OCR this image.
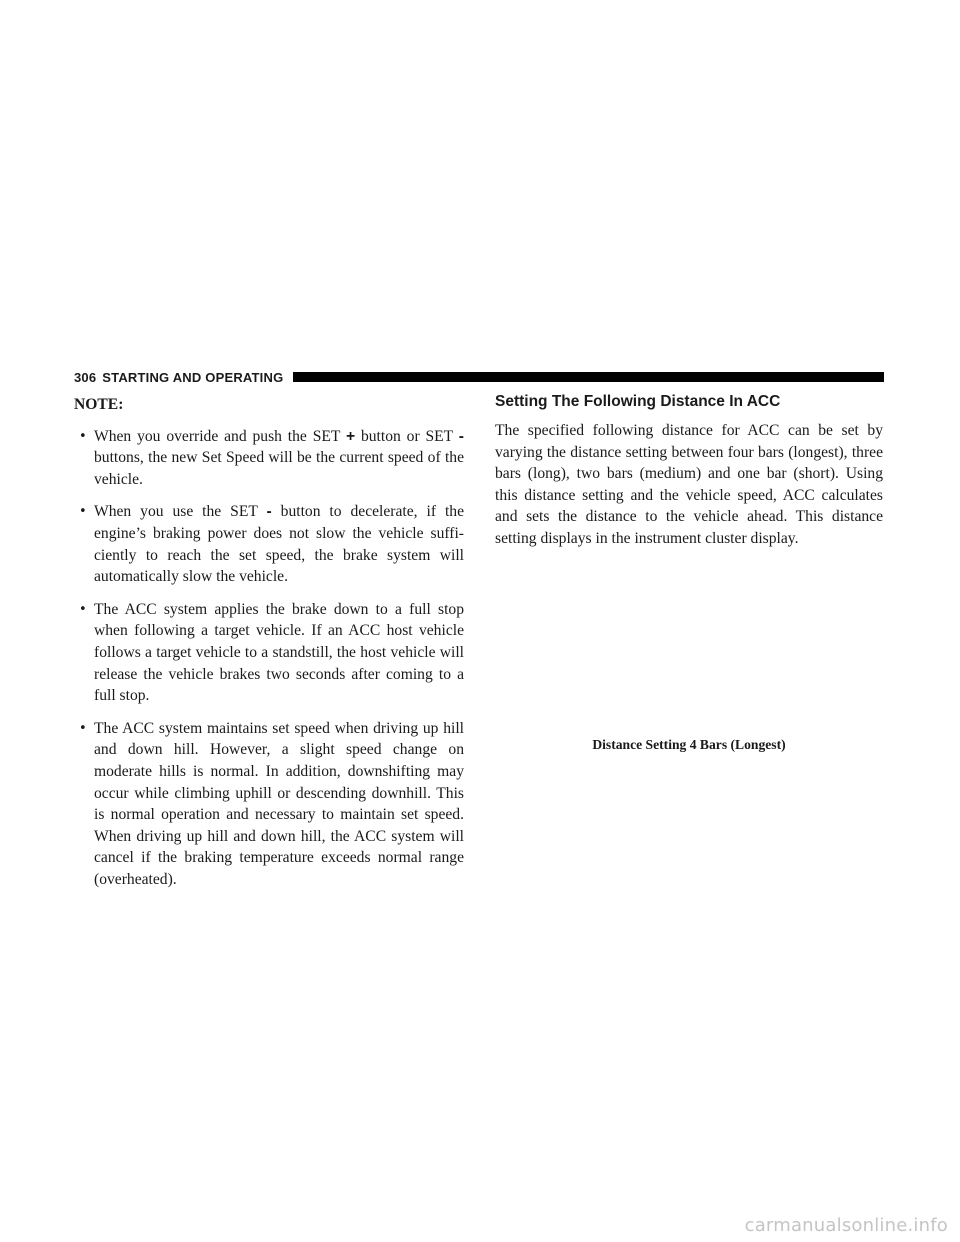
306 STARTING AND OPERATING
NOTE:
• When you override and push the SET + button or SET - buttons, the new Set Speed will be the current speed of the vehicle.
• When you use the SET - button to decelerate, if the engine’s braking power does not slow the vehicle suffi-ciently to reach the set speed, the brake system will automatically slow the vehicle.
• The ACC system applies the brake down to a full stop when following a target vehicle. If an ACC host vehicle follows a target vehicle to a standstill, the host vehicle will release the vehicle brakes two seconds after coming to a full stop.
• The ACC system maintains set speed when driving up hill and down hill. However, a slight speed change on moderate hills is normal. In addition, downshifting may occur while climbing uphill or descending downhill. This is normal operation and necessary to maintain set speed. When driving up hill and down hill, the ACC system will cancel if the braking temperature exceeds normal range (overheated).
Setting The Following Distance In ACC

The specified following distance for ACC can be set by varying the distance setting between four bars (longest), three bars (long), two bars (medium) and one bar (short). Using this distance setting and the vehicle speed, ACC calculates and sets the distance to the vehicle ahead. This distance setting displays in the instrument cluster display.

Distance Setting 4 Bars (Longest)
carmanualsonline.info
